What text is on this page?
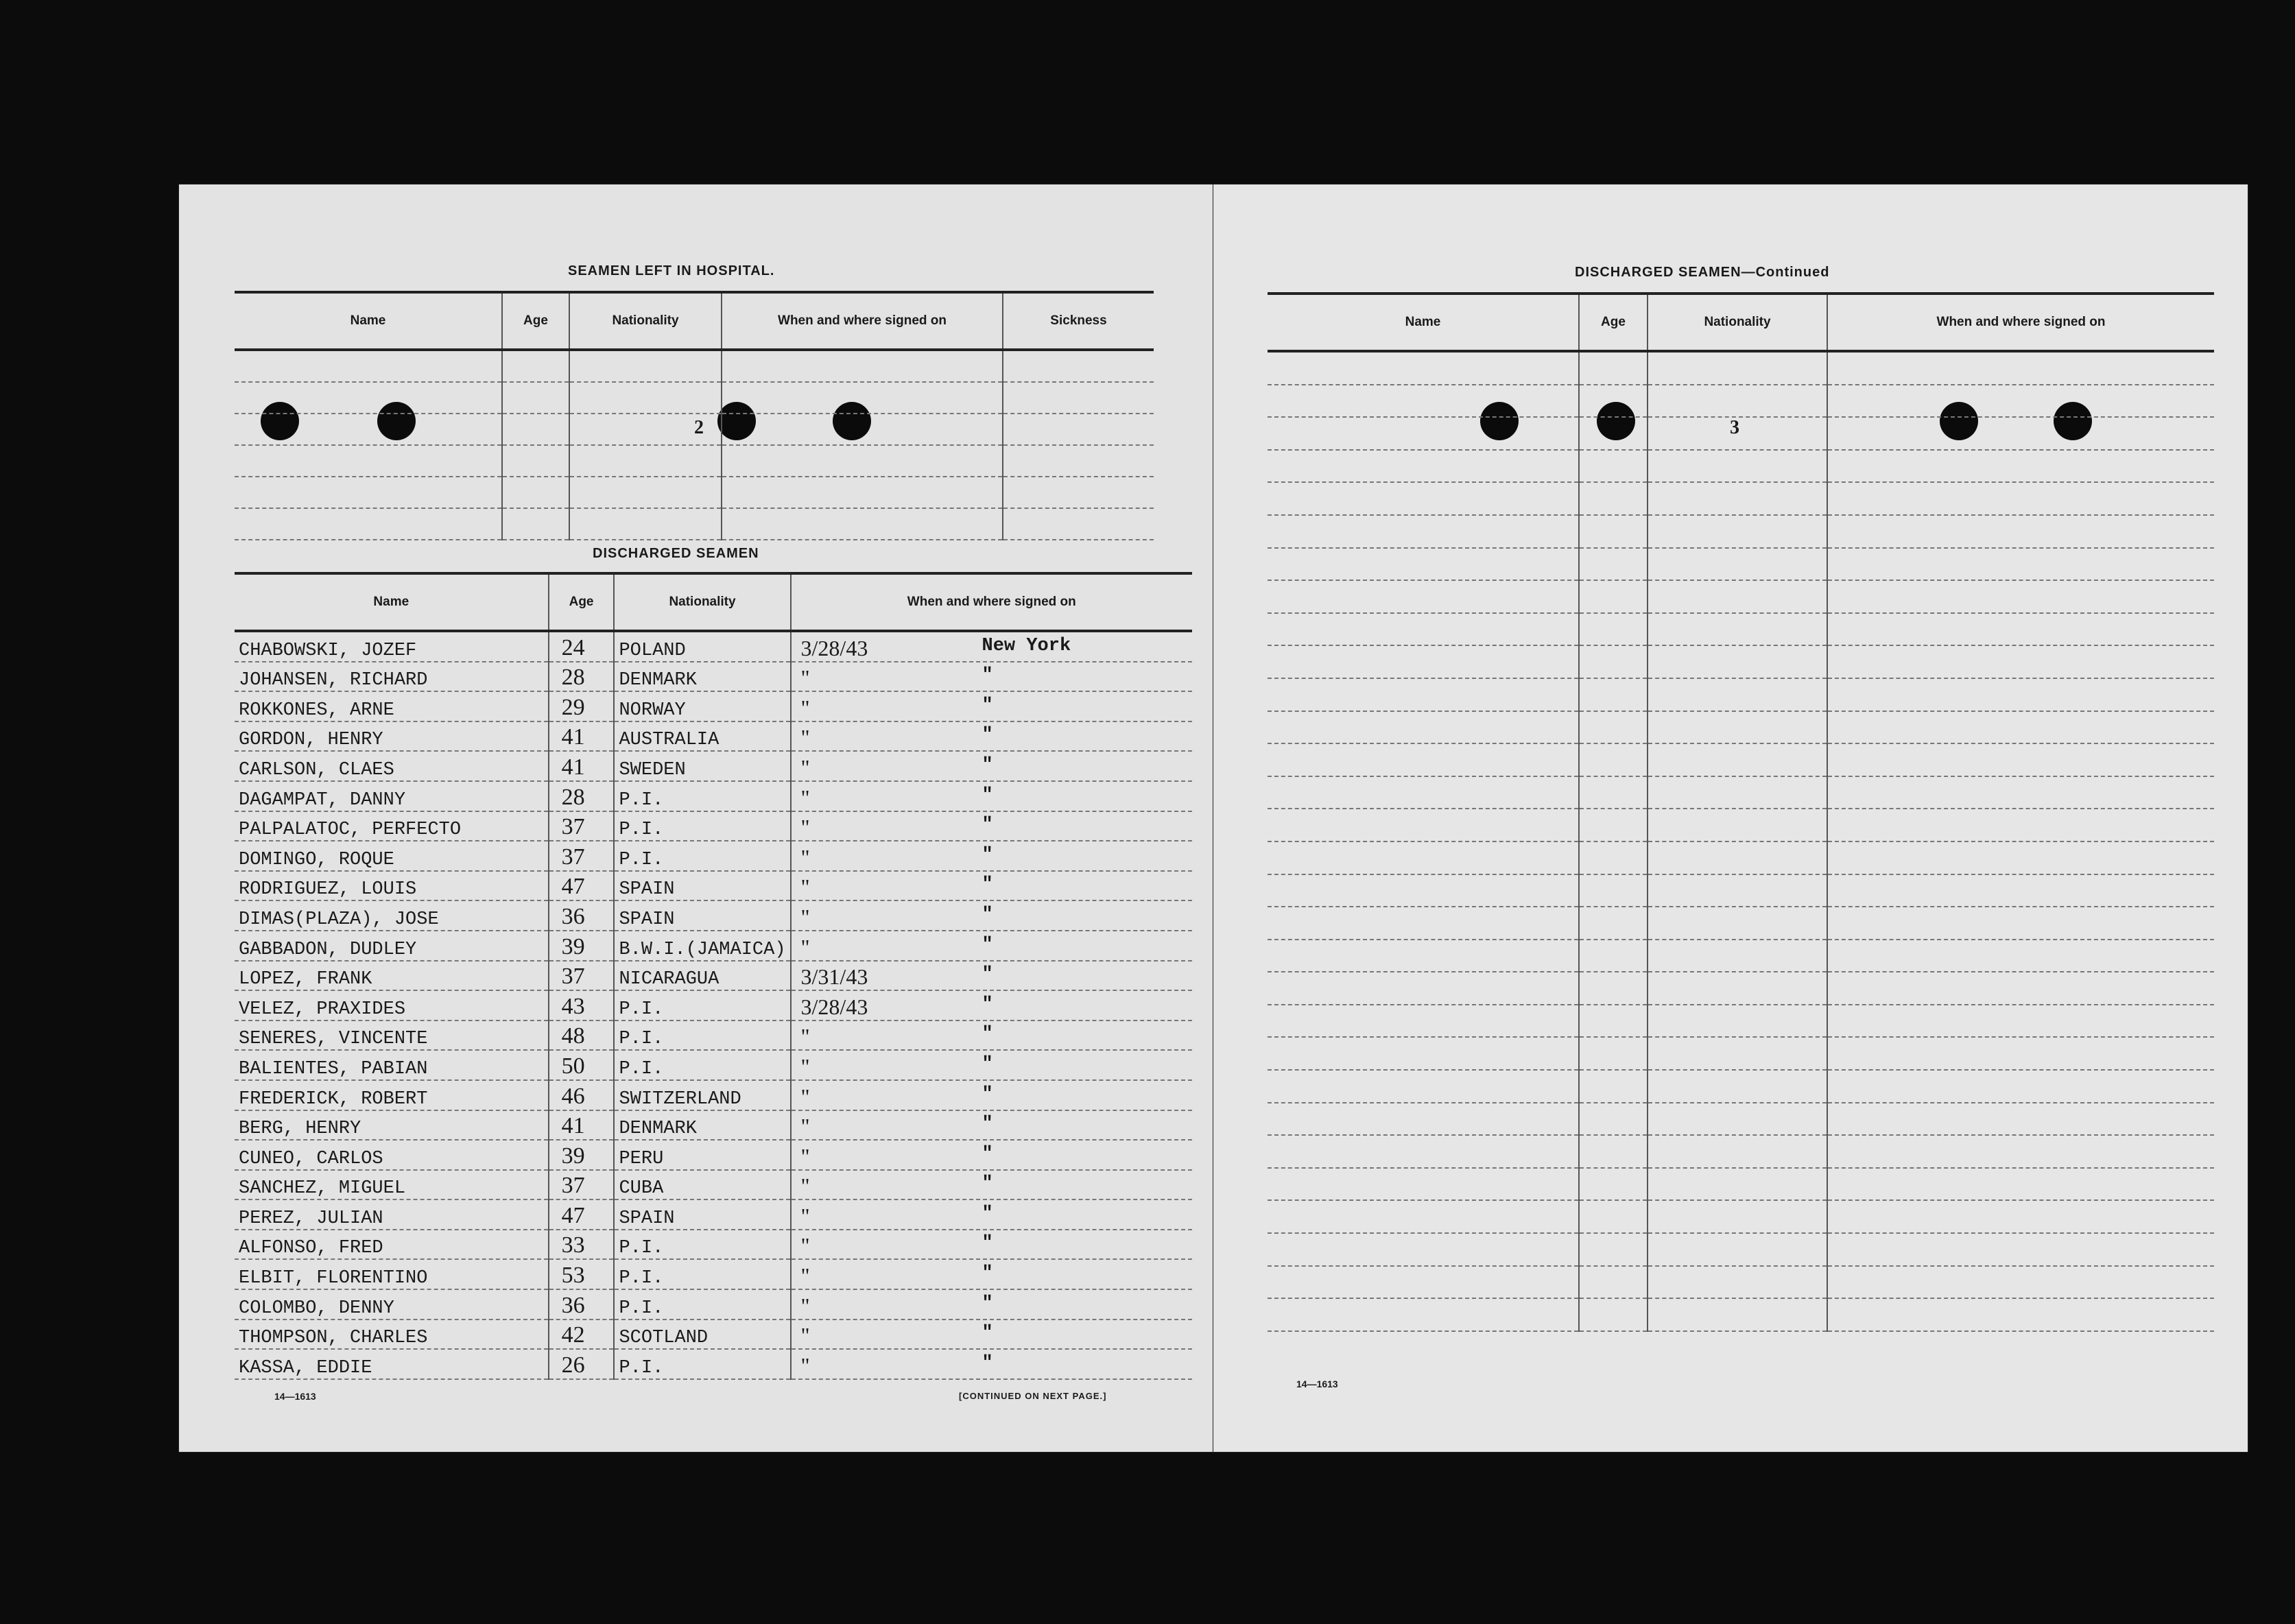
2
SEAMEN LEFT IN HOSPITAL.
Name	Age	Nationality	When and where signed on	Sickness

DISCHARGED SEAMEN
Name	Age	Nationality	When and where signed on
CHABOWSKI, JOZEF	24	POLAND	3/28/43 New York

JOHANSEN, RICHARD	28	DENMARK	" "

ROKKONES, ARNE	29	NORWAY	" "

GORDON, HENRY	41	AUSTRALIA	" "

CARLSON, CLAES	41	SWEDEN	" "

DAGAMPAT, DANNY	28	P.I.	" "

PALPALATOC, PERFECTO	37	P.I.	" "

DOMINGO, ROQUE	37	P.I.	" "

RODRIGUEZ, LOUIS	47	SPAIN	" "

DIMAS(PLAZA), JOSE	36	SPAIN	" "

GABBADON, DUDLEY	39	B.W.I.(JAMAICA)	" "

LOPEZ, FRANK	37	NICARAGUA	3/31/43 "

VELEZ, PRAXIDES	43	P.I.	3/28/43 "

SENERES, VINCENTE	48	P.I.	" "

BALIENTES, PABIAN	50	P.I.	" "

FREDERICK, ROBERT	46	SWITZERLAND	" "

BERG, HENRY	41	DENMARK	" "

CUNEO, CARLOS	39	PERU	" "

SANCHEZ, MIGUEL	37	CUBA	" "

PEREZ, JULIAN	47	SPAIN	" "

ALFONSO, FRED	33	P.I.	" "

ELBIT, FLORENTINO	53	P.I.	" "

COLOMBO, DENNY	36	P.I.	" "

THOMPSON, CHARLES	42	SCOTLAND	" "

KASSA, EDDIE	26	P.I.	" "
14—1613	[CONTINUED ON NEXT PAGE.]
3
DISCHARGED SEAMEN—Continued
Name	Age	Nationality	When and where signed on

14—1613
